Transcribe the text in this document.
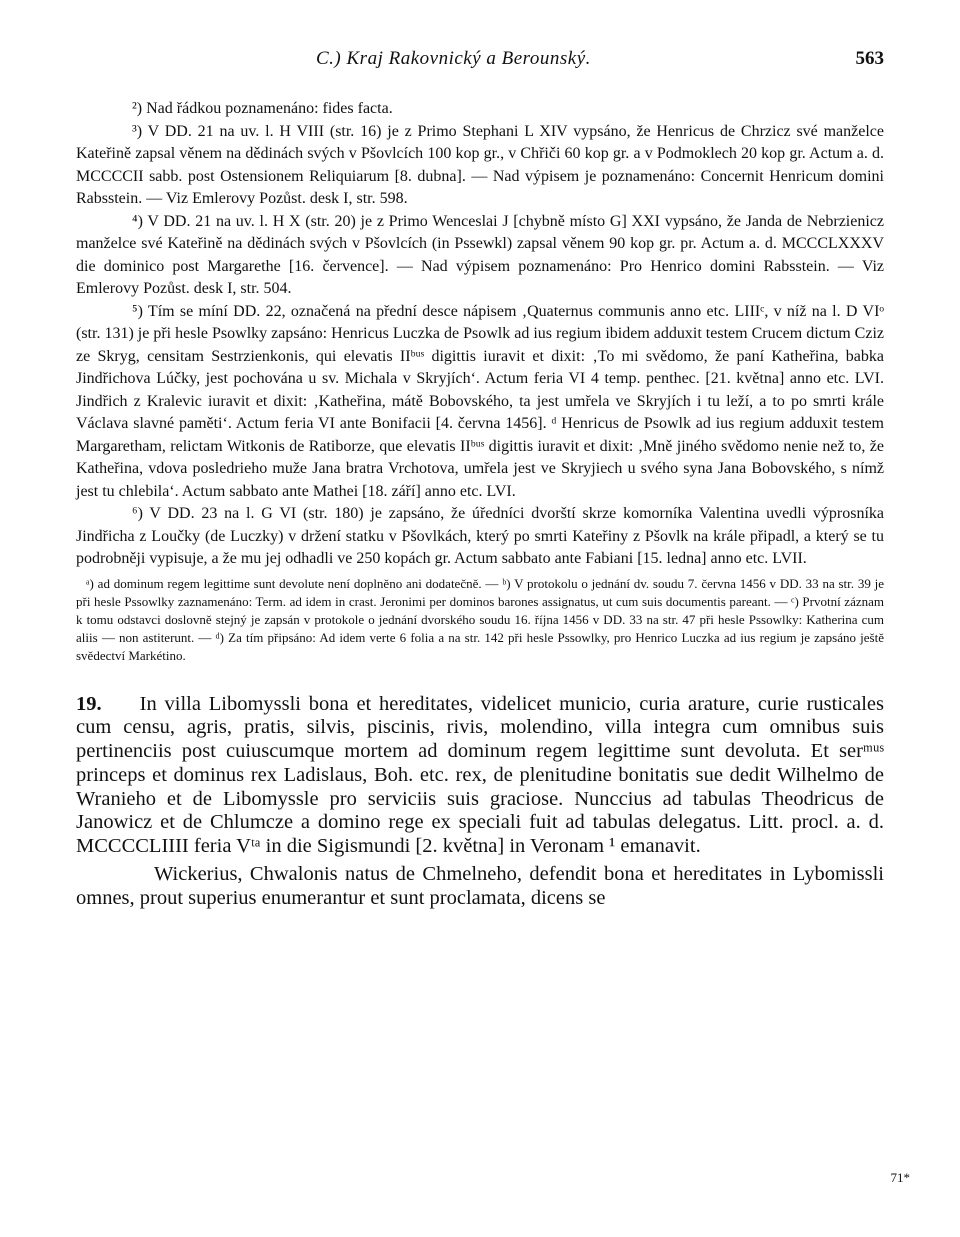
C.) Kraj Rakovnický a Berounský.	563

²) Nad řádkou poznamenáno: fides facta.

³) V DD. 21 na uv. l. H VIII (str. 16) je z Primo Stephani L XIV vypsáno, že Henricus de Chrzicz své manželce Kateřině zapsal věnem na dědinách svých v Pšovlcích 100 kop gr., v Chřiči 60 kop gr. a v Podmoklech 20 kop gr. Actum a. d. MCCCCII sabb. post Ostensionem Reliquiarum [8. dubna]. — Nad výpisem je poznamenáno: Concernit Henricum domini Rabsstein. — Viz Emlerovy Pozůst. desk I, str. 598.

⁴) V DD. 21 na uv. l. H X (str. 20) je z Primo Wenceslai J [chybně místo G] XXI vypsáno, že Janda de Nebrzienicz manželce své Kateřině na dědinách svých v Pšovlcích (in Pssewkl) zapsal věnem 90 kop gr. pr. Actum a. d. MCCCLXXXV die dominico post Margarethe [16. července]. — Nad výpisem poznamenáno: Pro Henrico domini Rabsstein. — Viz Emlerovy Pozůst. desk I, str. 504.

⁵) Tím se míní DD. 22, označená na přední desce nápisem ‚Quaternus communis anno etc. LIIIᶜ, v níž na l. D VIᵒ (str. 131) je při hesle Psowlky zapsáno: Henricus Luczka de Psowlk ad ius regium ibidem adduxit testem Crucem dictum Cziz ze Skryg, censitam Sestrzienkonis, qui elevatis IIᵇᵘˢ digittis iuravit et dixit: ‚To mi svědomo, že paní Katheřina, babka Jindřichova Lúčky, jest pochována u sv. Michala v Skryjích‘. Actum feria VI 4 temp. penthec. [21. května] anno etc. LVI. Jindřich z Kralevic iuravit et dixit: ‚Katheřina, mátě Bobovského, ta jest umřela ve Skryjích i tu leží, a to po smrti krále Václava slavné paměti‘. Actum feria VI ante Bonifacii [4. června 1456]. ᵈ Henricus de Psowlk ad ius regium adduxit testem Margaretham, relictam Witkonis de Ratiborze, que elevatis IIᵇᵘˢ digittis iuravit et dixit: ‚Mně jiného svědomo nenie než to, že Katheřina, vdova posledrieho muže Jana bratra Vrchotova, umřela jest ve Skryjiech u svého syna Jana Bobovského, s nímž jest tu chlebila‘. Actum sabbato ante Mathei [18. září] anno etc. LVI.

⁶) V DD. 23 na l. G VI (str. 180) je zapsáno, že úředníci dvorští skrze komorníka Valentina uvedli výprosníka Jindřicha z Loučky (de Luczky) v držení statku v Pšovlkách, který po smrti Kateřiny z Pšovlk na krále připadl, a který se tu podrobněji vypisuje, a že mu jej odhadli ve 250 kopách gr. Actum sabbato ante Fabiani [15. ledna] anno etc. LVII.

ᵃ) ad dominum regem legittime sunt devolute není doplněno ani dodatečně. — ᵇ) V protokolu o jednání dv. soudu 7. června 1456 v DD. 33 na str. 39 je při hesle Pssowlky zaznamenáno: Term. ad idem in crast. Jeronimi per dominos barones assignatus, ut cum suis documentis pareant. — ᶜ) Prvotní záznam k tomu odstavci doslovně stejný je zapsán v protokole o jednání dvorského soudu 16. října 1456 v DD. 33 na str. 47 při hesle Pssowlky: Katherina cum aliis — non astiterunt. — ᵈ) Za tím připsáno: Ad idem verte 6 folia a na str. 142 při hesle Pssowlky, pro Henrico Luczka ad ius regium je zapsáno ještě svědectví Markétino.

19. In villa Libomyssli bona et hereditates, videlicet municio, curia arature, curie rusticales cum censu, agris, pratis, silvis, piscinis, rivis, molendino, villa integra cum omnibus suis pertinenciis post cuiuscumque mortem ad dominum regem legittime sunt devoluta. Et serᵐᵘˢ princeps et dominus rex Ladislaus, Boh. etc. rex, de plenitudine bonitatis sue dedit Wilhelmo de Wranieho et de Libomyssle pro serviciis suis graciose. Nunccius ad tabulas Theodricus de Janowicz et de Chlumcze a domino rege ex speciali fuit ad tabulas delegatus. Litt. procl. a. d. MCCCCLIIII feria Vᵗᵃ in die Sigismundi [2. května] in Veronam ¹ emanavit.

Wickerius, Chwalonis natus de Chmelneho, defendit bona et hereditates in Lybomissli omnes, prout superius enumerantur et sunt proclamata, dicens se

71*
